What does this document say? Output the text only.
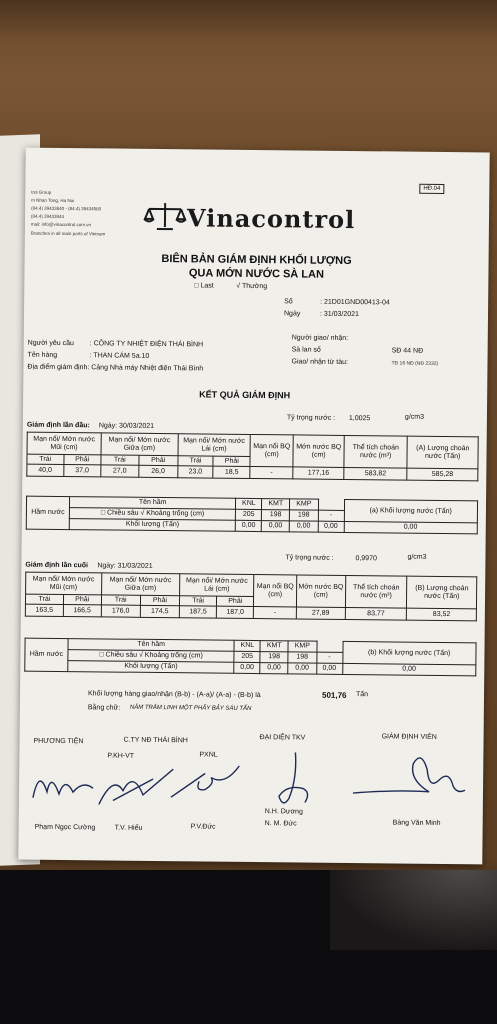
HĐ.04
trol Group
m Nhan Tong, Ha Noi
(84.4) 39433840 - (84.4) 39434580
(84.4) 39433844
mail: info@vinacontrol.com.vn
Branches in all main ports of Vietnam	Vinacontrol
BIÊN BẢN GIÁM ĐỊNH KHỐI LƯỢNG
QUA MỚN NƯỚC SÀ LAN
□ Last	√ Thường
Số	: 21D01GND00413-04
Ngày	: 31/03/2021
Người yêu cầu : CÔNG TY NHIỆT ĐIỆN THÁI BÌNH
Tên hàng	: THAN CÁM 5a.10
Địa điểm giám định: Cảng Nhà máy Nhiệt điện Thái Bình
Người giao/ nhận:
Sà lan số	SĐ 44 NĐ
Giao/ nhận từ tàu:	TĐ 16 NĐ (NĐ 2332)
KẾT QUẢ GIÁM ĐỊNH
Giám định lần đầu: Ngày: 30/03/2021
Tỷ trọng nước : 1,0025	g/cm3
Mạn nổi/ Mớn nước Mũi (cm)		Mạn nổi/ Mớn nước Giữa (cm)		Mạn nổi/ Mớn nước Lái (cm)		Mạn nổi BQ (cm)	Mớn nước BQ (cm)	Thể tích choán nước (m³)	(A) Lượng choán nước (Tấn)
Trái	Phải	Trái	Phải	Trái	Phải				
40,0	37,0	27,0	26,0	23,0	18,5	-	177,16	583,82	585,28
Hầm nước	Tên hầm	KNL	KMT	KMP		(a) Khối lượng nước (Tấn)
	□ Chiều sâu √ Khoảng trống (cm)	205	198	198	-	
	Khối lượng (Tấn)	0,00	0,00	0,00	0,00	0,00
Giám định lần cuối Ngày: 31/03/2021
Tỷ trọng nước :	0,9970	g/cm3
Mạn nổi/ Mớn nước Mũi (cm)		Mạn nổi/ Mớn nước Giữa (cm)		Mạn nổi/ Mớn nước Lái (cm)		Mạn nổi BQ (cm)	Mớn nước BQ (cm)	Thể tích choán nước (m³)	(B) Lượng choán nước (Tấn)
Trái	Phải	Trái	Phải	Trái	Phải				
163,5	166,5	176,0	174,5	187,5	187,0	-	27,89	83,77	83,52
Hầm nước	Tên hầm	KNL	KMT	KMP		(b) Khối lượng nước (Tấn)
	□ Chiều sâu √ Khoảng trống (cm)	205	198	198	-	
	Khối lượng (Tấn)	0,00	0,00	0,00	0,00	0,00
Khối lượng hàng giao/nhận (B-b) - (A-a)/ (A-a) - (B-b) là	501,76 Tấn
Bằng chữ: NĂM TRĂM LINH MỘT PHẨY BẢY SÁU TẤN
PHƯƠNG TIỆN	C.TY NĐ THÁI BÌNH
P.KH-VT	PXNL
ĐẠI DIỆN TKV	GIÁM ĐỊNH VIÊN
N.H. Dương
N. M. Đức
Phạm Ngọc Cường	T.V. Hiểu	P.V.Đức
Bàng Văn Minh
